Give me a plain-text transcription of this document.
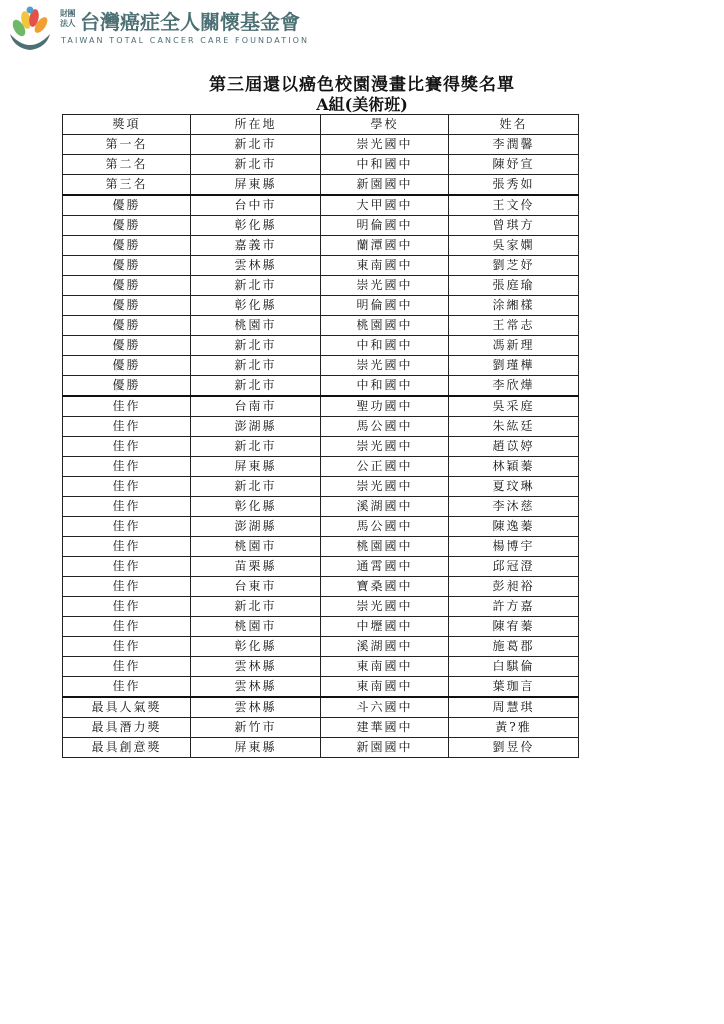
財團法人 台灣癌症全人關懷基金會
TAIWAN TOTAL CANCER CARE FOUNDATION
第三屆還以癌色校園漫畫比賽得獎名單
A組(美術班)
獎項	所在地	學校	姓名
第一名	新北市	崇光國中	李潤馨
第二名	新北市	中和國中	陳妤宣
第三名	屏東縣	新園國中	張秀如
優勝	台中市	大甲國中	王文伶
優勝	彰化縣	明倫國中	曾琪方
優勝	嘉義市	蘭潭國中	吳家嫻
優勝	雲林縣	東南國中	劉芝妤
優勝	新北市	崇光國中	張庭瑜
優勝	彰化縣	明倫國中	涂緗樣
優勝	桃園市	桃園國中	王常志
優勝	新北市	中和國中	馮新理
優勝	新北市	崇光國中	劉瑾樺
優勝	新北市	中和國中	李欣燁
佳作	台南市	聖功國中	吳采庭
佳作	澎湖縣	馬公國中	朱紘廷
佳作	新北市	崇光國中	趙苡婷
佳作	屏東縣	公正國中	林穎蓁
佳作	新北市	崇光國中	夏玟琳
佳作	彰化縣	溪湖國中	李沐慈
佳作	澎湖縣	馬公國中	陳逸蓁
佳作	桃園市	桃園國中	楊博宇
佳作	苗栗縣	通霄國中	邱冠澄
佳作	台東市	寶桑國中	彭昶裕
佳作	新北市	崇光國中	許方嘉
佳作	桃園市	中壢國中	陳宥蓁
佳作	彰化縣	溪湖國中	施葛郡
佳作	雲林縣	東南國中	白騏倫
佳作	雲林縣	東南國中	葉珈言
最具人氣獎	雲林縣	斗六國中	周慧琪
最具潛力獎	新竹市	建華國中	黃?雅
最具創意獎	屏東縣	新園國中	劉昱伶
